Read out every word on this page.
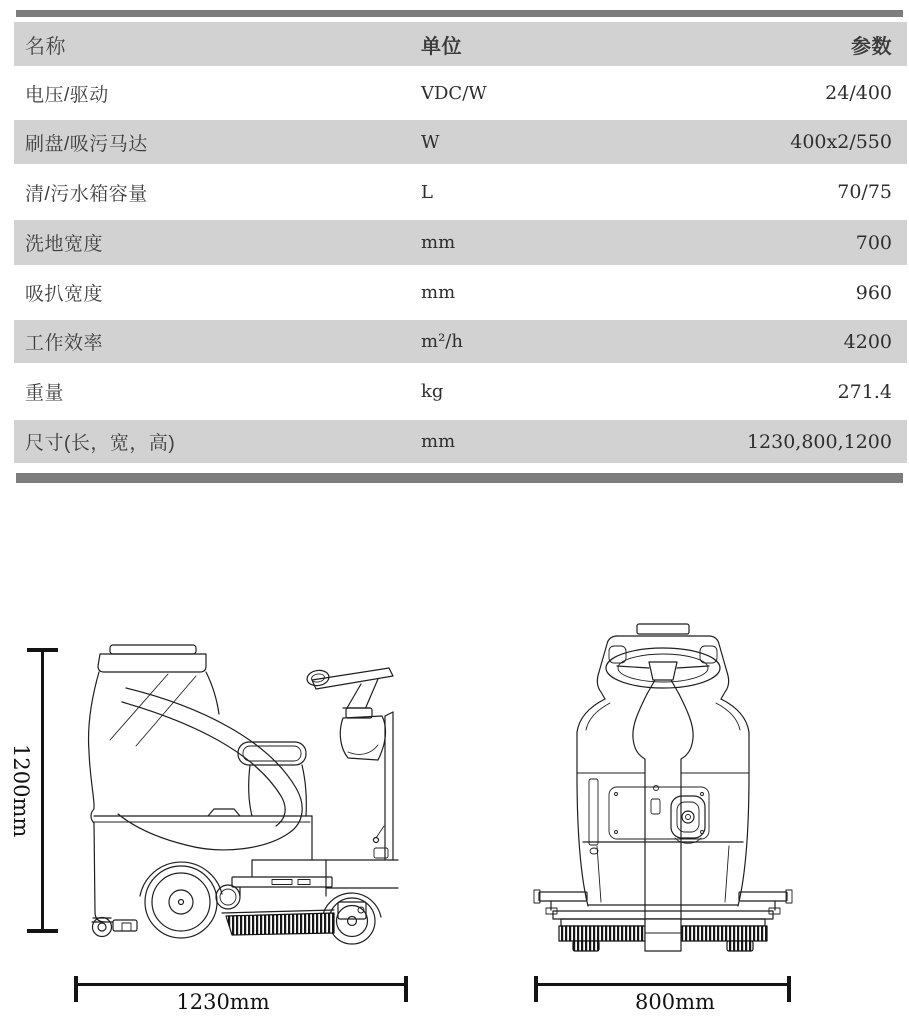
名称	单位	参数
电压/驱动	VDC/W	24/400
刷盘/吸污马达	W	400x2/550
清/污水箱容量	L	70/75
洗地宽度	mm	700
吸扒宽度	mm	960
工作效率	m²/h	4200
重量	kg	271.4
尺寸(长，宽，高)	mm	1230,800,1200
1200mm
1230mm	800mm
